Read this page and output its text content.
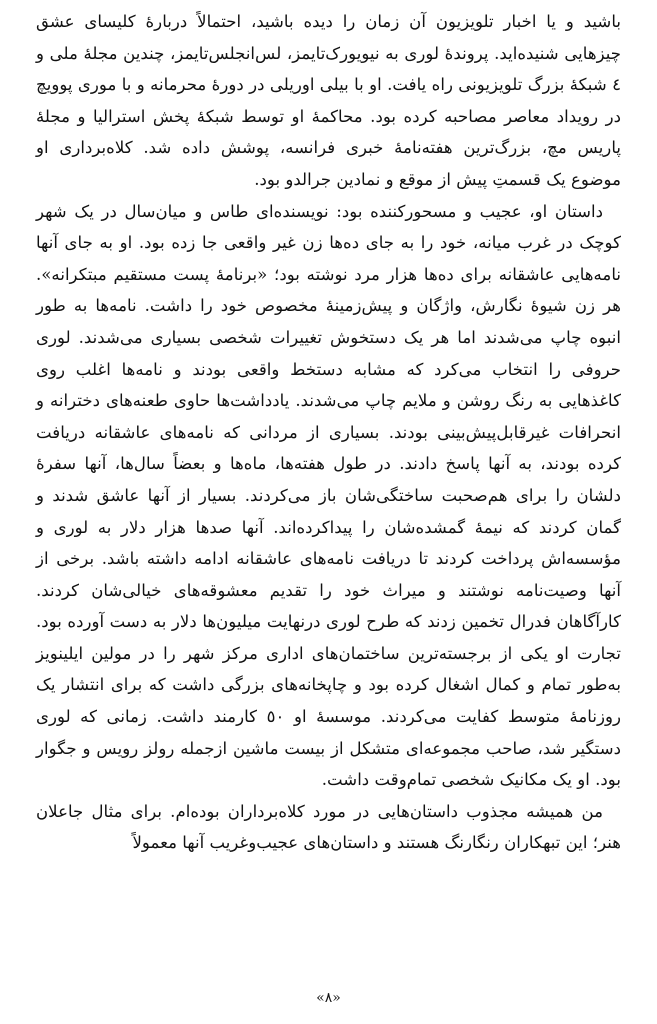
باشید و یا اخبار تلویزیون آن زمان را دیده باشید، احتمالاً دربارهٔ کلیسای عشق چیزهایی شنیده‌اید. پروندهٔ لوری به نیویورک‌تایمز، لس‌انجلس‌تایمز، چندین مجلهٔ ملی و ٤ شبکهٔ بزرگ تلویزیونی راه یافت. او با بیلی اوریلی در دورهٔ محرمانه و با موری پوویچ در رویداد معاصر مصاحبه کرده بود. محاکمهٔ او توسط شبکهٔ پخش استرالیا و مجلهٔ پاریس مچ، بزرگ‌ترین هفته‌نامهٔ خبری فرانسه، پوشش داده شد. کلاه‌برداری او موضوع یک قسمتِ پیش از موقع و نمادین جرالدو بود.

داستان او، عجیب و مسحورکننده بود: نویسنده‌ای طاس و میان‌سال در یک شهر کوچک در غرب میانه، خود را به جای ده‌ها زن غیر واقعی جا زده بود. او به جای آنها نامه‌هایی عاشقانه برای ده‌ها هزار مرد نوشته بود؛ «برنامهٔ پست مستقیم مبتکرانه». هر زن شیوهٔ نگارش، واژگان و پیش‌زمینهٔ مخصوص خود را داشت. نامه‌ها به طور انبوه چاپ می‌شدند اما هر یک دستخوش تغییرات شخصی بسیاری می‌شدند. لوری حروفی را انتخاب می‌کرد که مشابه دستخط واقعی بودند و نامه‌ها اغلب روی کاغذهایی به رنگ روشن و ملایم چاپ می‌شدند. یادداشت‌ها حاوی طعنه‌های دخترانه و انحرافات غیرقابل‌پیش‌بینی بودند. بسیاری از مردانی که نامه‌های عاشقانه دریافت کرده بودند، به آنها پاسخ دادند. در طول هفته‌ها، ماه‌ها و بعضاً سال‌ها، آنها سفرهٔ دلشان را برای هم‌صحبت ساختگی‌شان باز می‌کردند. بسیار از آنها عاشق شدند و گمان کردند که نیمهٔ گمشده‌شان را پیداکرده‌اند. آنها صدها هزار دلار به لوری و مؤسسه‌اش پرداخت کردند تا دریافت نامه‌های عاشقانه ادامه داشته باشد. برخی از آنها وصیت‌نامه نوشتند و میراث خود را تقدیم معشوقه‌های خیالی‌شان کردند. کارآگاهان فدرال تخمین زدند که طرح لوری درنهایت میلیون‌ها دلار به دست آورده بود. تجارت او یکی از برجسته‌ترین ساختمان‌های اداری مرکز شهر را در مولین ایلینویز به‌طور تمام و کمال اشغال کرده بود و چاپخانه‌های بزرگی داشت که برای انتشار یک روزنامهٔ متوسط کفایت می‌کردند. موسسهٔ او ٥٠ کارمند داشت. زمانی که لوری دستگیر شد، صاحب مجموعه‌ای متشکل از بیست ماشین ازجمله رولز رویس و جگوار بود. او یک مکانیک شخصی تمام‌وقت داشت.

من همیشه مجذوب داستان‌هایی در مورد کلاه‌برداران بوده‌ام. برای مثال جاعلان هنر؛ این تبهکاران رنگارنگ هستند و داستان‌های عجیب‌وغریب آنها معمولاً

«٨»
